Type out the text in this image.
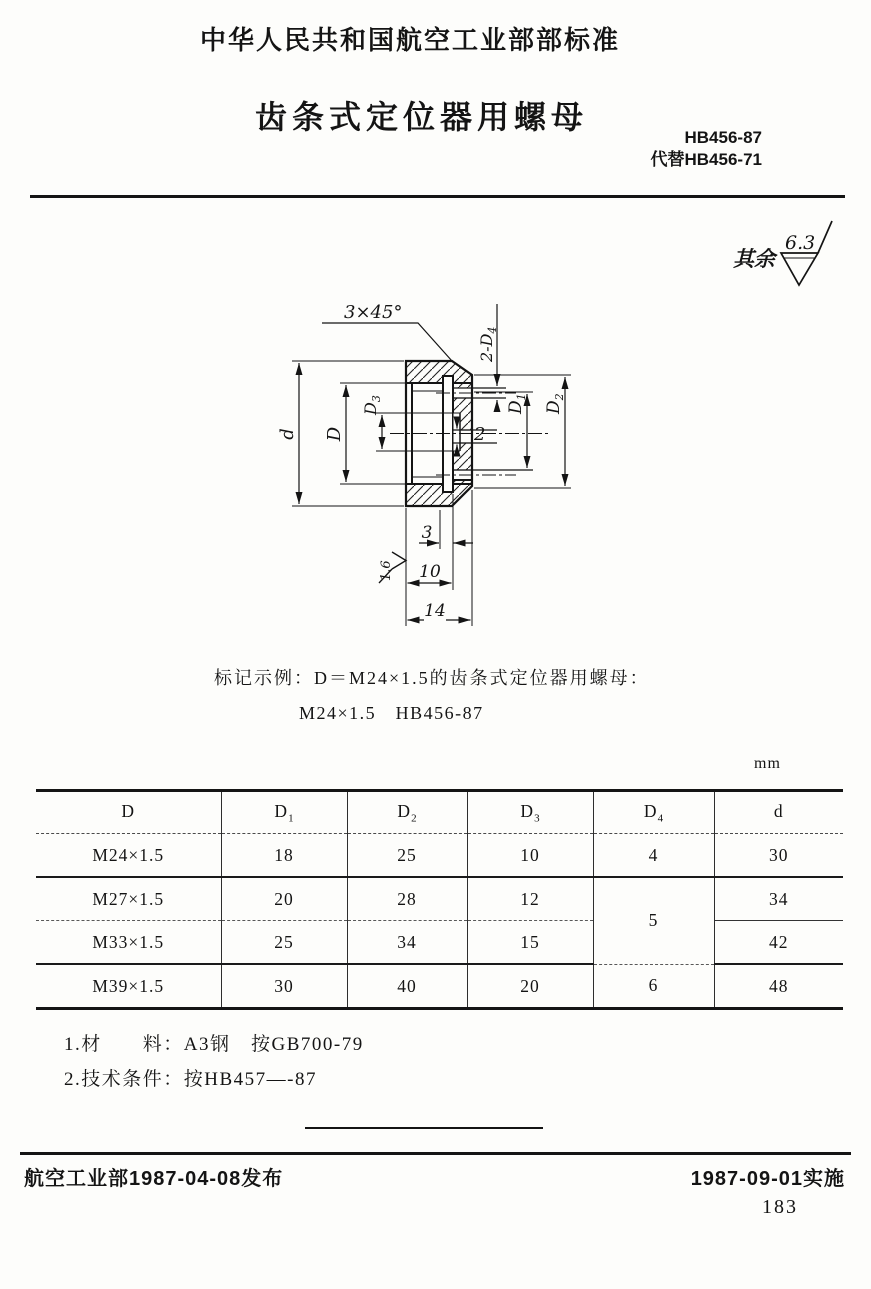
中华人民共和国航空工业部部标准
齿条式定位器用螺母
HB456-87
代替HB456-71
其余
6.3
3×45°
$2-D_4$
d D
$D_3$
$D_1$
$D_2$
2
3
10
14
1.6
标记示例：D＝M24×1.5的齿条式定位器用螺母：
M24×1.5　HB456-87
mm
D	$D_1$	$D_2$	$D_3$	$D_4$	d
M24×1.5	18	25	10	4	30
M27×1.5	20	28	12	5	34
M33×1.5	25	34	15		42
M39×1.5	30	40	20	6	48
1.材　　料：A3钢　按GB700-79
2.技术条件：按HB457—-87
航空工业部1987-04-08发布	1987-09-01实施
183
